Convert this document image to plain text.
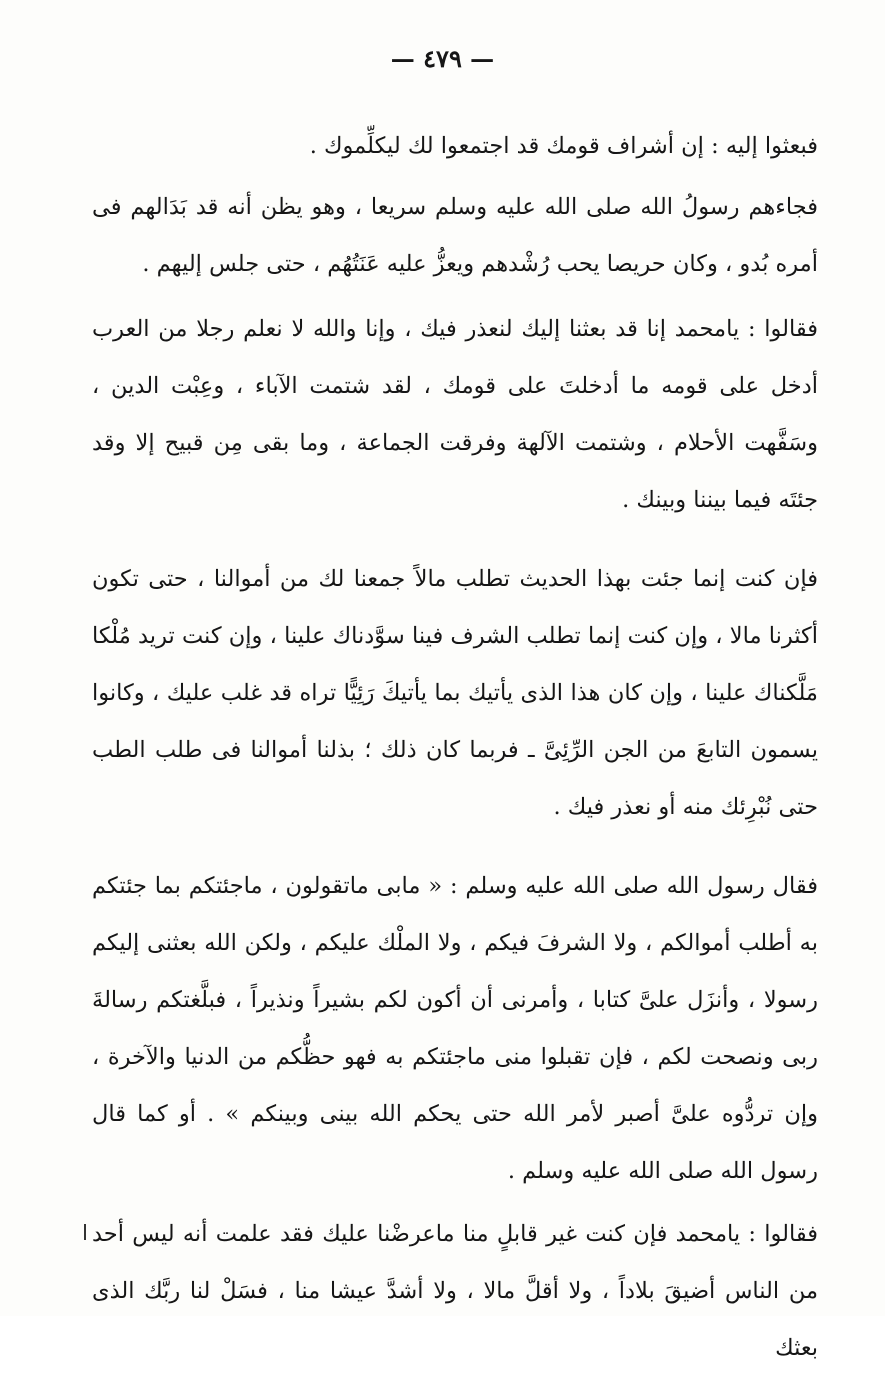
— ٤٧٩ —

فبعثوا إليه : إن أشراف قومك قد اجتمعوا لك ليكلِّموك .

فجاءهم رسولُ الله صلى الله عليه وسلم سريعا ، وهو يظن أنه قد بَدَالهم فى أمره بُدو ، وكان حريصا يحب رُشْدهم ويعزُّ عليه عَنَتُهُم ، حتى جلس إليهم .

فقالوا : يامحمد إنا قد بعثنا إليك لنعذر فيك ، وإنا والله لا نعلم رجلا من العرب أدخل على قومه ما أدخلتَ على قومك ، لقد شتمت الآباء ، وعِبْت الدين ، وسَفَّهت الأحلام ، وشتمت الآلهة وفرقت الجماعة ، وما بقى مِن قبيح إلا وقد جئتَه فيما بيننا وبينك .

فإن كنت إنما جئت بهذا الحديث تطلب مالاً جمعنا لك من أموالنا ، حتى تكون أكثرنا مالا ، وإن كنت إنما تطلب الشرف فينا سوَّدناك علينا ، وإن كنت تريد مُلْكا مَلَّكناك علينا ، وإن كان هذا الذى يأتيك بما يأتيكَ رَئِيًّا تراه قد غلب عليك ، وكانوا يسمون التابعَ من الجن الرِّئِىَّ ـ فربما كان ذلك ؛ بذلنا أموالنا فى طلب الطب حتى نُبْرِئك منه أو نعذر فيك .

فقال رسول الله صلى الله عليه وسلم : « مابى ماتقولون ، ماجئتكم بما جئتكم به أطلب أموالكم ، ولا الشرفَ فيكم ، ولا الملْك عليكم ، ولكن الله بعثنى إليكم رسولا ، وأنزَل علىَّ كتابا ، وأمرنى أن أكون لكم بشيراً ونذيراً ، فبلَّغتكم رسالةَ ربى ونصحت لكم ، فإن تقبلوا منى ماجئتكم به فهو حظُّكم من الدنيا والآخرة ، وإن تردُّوه علىَّ أصبر لأمر الله حتى يحكم الله بينى وبينكم » . أو كما قال رسول الله صلى الله عليه وسلم .

فقالوا : يامحمد فإن كنت غير قابلٍ منا ماعرضْنا عليك فقد علمت أنه ليس أحد من الناس أضيقَ بلاداً ، ولا أقلَّ مالا ، ولا أشدَّ عيشا منا ، فسَلْ لنا ربَّك الذى بعثك
